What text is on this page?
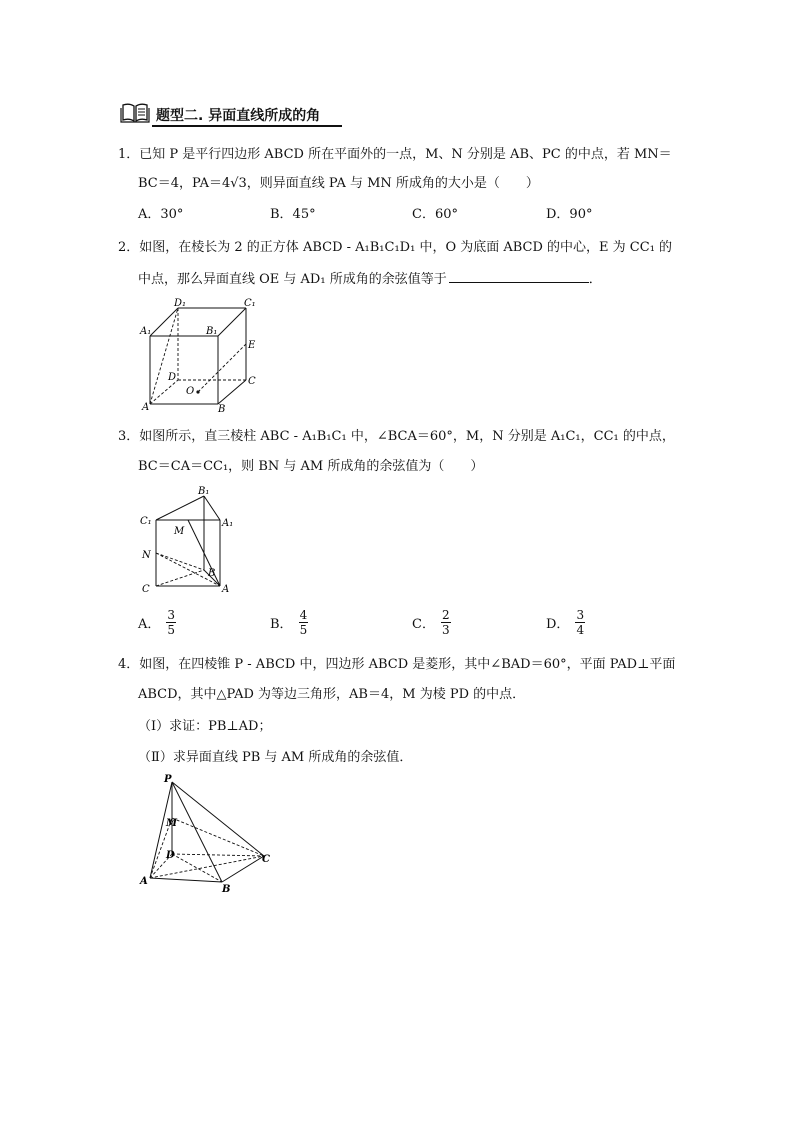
题型二. 异面直线所成的角
1．已知 P 是平行四边形 ABCD 所在平面外的一点，M、N 分别是 AB、PC 的中点，若 MN＝
BC＝4，PA＝4√3，则异面直线 PA 与 MN 所成角的大小是（　　）
A．30°	B．45°	C．60°	D．90°
2．如图，在棱长为 2 的正方体 ABCD - A₁B₁C₁D₁ 中，O 为底面 ABCD 的中心，E 为 CC₁ 的
中点，那么异面直线 OE 与 AD₁ 所成角的余弦值等于	．
D₁	C₁
A₁	B₁
E
D	C
O
A	B
3．如图所示，直三棱柱 ABC - A₁B₁C₁ 中，∠BCA＝60°，M，N 分别是 A₁C₁，CC₁ 的中点，
BC＝CA＝CC₁，则 BN 与 AM 所成角的余弦值为（　　）
B₁
C₁	A₁
M
N
B
C	A
A． $\frac{3}{5}$	B． $\frac{4}{5}$	C． $\frac{2}{3}$	D． $\frac{3}{4}$
4．如图，在四棱锥 P - ABCD 中，四边形 ABCD 是菱形，其中∠BAD＝60°，平面 PAD⊥平面
ABCD，其中△PAD 为等边三角形，AB＝4，M 为棱 PD 的中点．
（Ⅰ）求证：PB⊥AD；
（Ⅱ）求异面直线 PB 与 AM 所成角的余弦值．
P
M
D	C
A
B
